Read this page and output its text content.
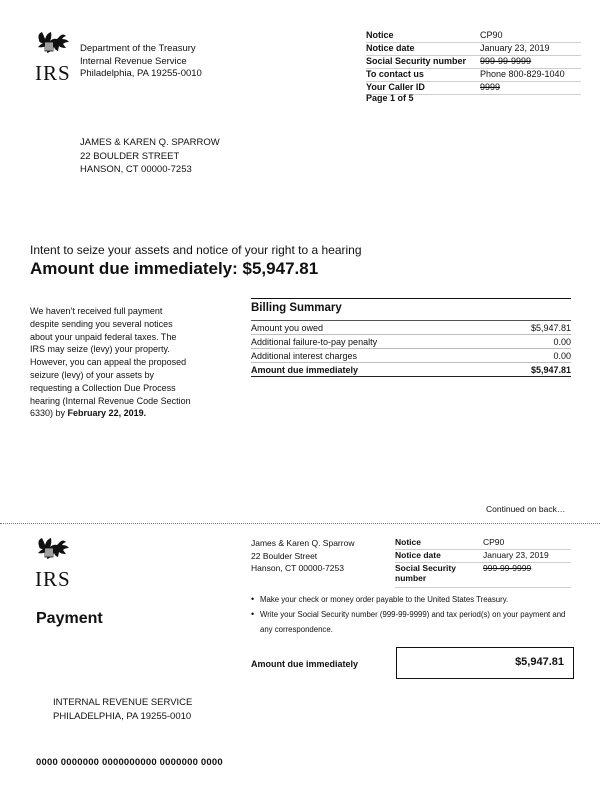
IRS
Department of the Treasury
Internal Revenue Service
Philadelphia, PA 19255-0010
Notice	CP90
Notice date	January 23, 2019
Social Security number	999-99-9999
To contact us	Phone 800-829-1040
Your Caller ID	9999
Page 1 of 5
JAMES & KAREN Q. SPARROW
22 BOULDER STREET
HANSON, CT 00000-7253
Intent to seize your assets and notice of your right to a hearing
Amount due immediately: $5,947.81
We haven’t received full payment
despite sending you several notices
about your unpaid federal taxes. The
IRS may seize (levy) your property.
However, you can appeal the proposed
seizure (levy) of your assets by
requesting a Collection Due Process
hearing (Internal Revenue Code Section
6330) by February 22, 2019.
Billing Summary
Amount you owed	$5,947.81
Additional failure-to-pay penalty	0.00
Additional interest charges	0.00
Amount due immediately	$5,947.81
Continued on back…
IRS
Payment
James & Karen Q. Sparrow
22 Boulder Street
Hanson, CT 00000-7253
Notice	CP90
Notice date	January 23, 2019
Social Security number	999-99-9999
• Make your check or money order payable to the United States Treasury.
• Write your Social Security number (999-99-9999) and tax period(s) on your payment and any correspondence.
Amount due immediately	$5,947.81
INTERNAL REVENUE SERVICE
PHILADELPHIA, PA 19255-0010
0000 0000000 0000000000 0000000 0000
